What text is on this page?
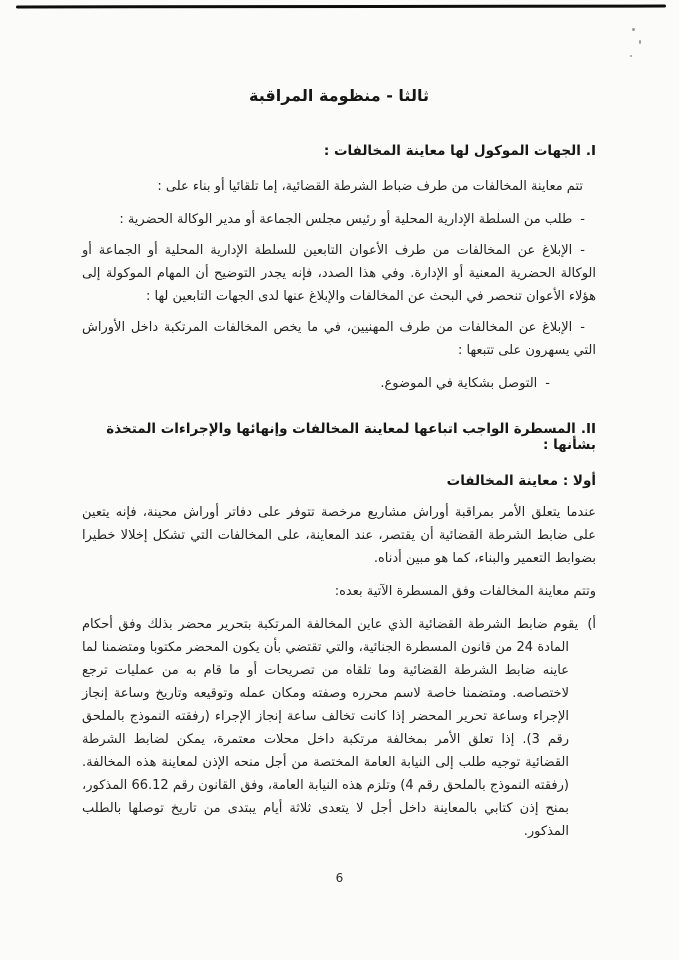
ثالثا - منظومة المراقبة
I.الجهات الموكول لها معاينة المخالفات :

تتم معاينة المخالفات من طرف ضباط الشرطة القضائية، إما تلقائيا أو بناء على :

-طلب من السلطة الإدارية المحلية أو رئيس مجلس الجماعة أو مدير الوكالة الحضرية :

-الإبلاغ عن المخالفات من طرف الأعوان التابعين للسلطة الإدارية المحلية أو الجماعة أو الوكالة الحضرية المعنية أو الإدارة. وفي هذا الصدد، فإنه يجدر التوضيح أن المهام الموكولة إلى هؤلاء الأعوان تنحصر في البحث عن المخالفات والإبلاغ عنها لدى الجهات التابعين لها :

-الإبلاغ عن المخالفات من طرف المهنيين، في ما يخص المخالفات المرتكبة داخل الأوراش التي يسهرون على تتبعها :

-التوصل بشكاية في الموضوع.

II.المسطرة الواجب اتباعها لمعاينة المخالفات وإنهائها والإجراءات المتخذة بشأنها :
أولا : معاينة المخالفات

عندما يتعلق الأمر بمراقبة أوراش مشاريع مرخصة تتوفر على دفاتر أوراش محينة، فإنه يتعين على ضابط الشرطة القضائية أن يقتصر، عند المعاينة، على المخالفات التي تشكل إخلالا خطيرا بضوابط التعمير والبناء، كما هو مبين أدناه.

وتتم معاينة المخالفات وفق المسطرة الآتية بعده:

أ)يقوم ضابط الشرطة القضائية الذي عاين المخالفة المرتكبة بتحرير محضر بذلك وفق أحكام المادة 24 من قانون المسطرة الجنائية، والتي تقتضي بأن يكون المحضر مكتوبا ومتضمنا لما عاينه ضابط الشرطة القضائية وما تلقاه من تصريحات أو ما قام به من عمليات ترجع لاختصاصه. ومتضمنا خاصة لاسم محرره وصفته ومكان عمله وتوقيعه وتاريخ وساعة إنجاز الإجراء وساعة تحرير المحضر إذا كانت تخالف ساعة إنجاز الإجراء (رفقته النموذج بالملحق رقم 3). إذا تعلق الأمر بمخالفة مرتكبة داخل محلات معتمرة، يمكن لضابط الشرطة القضائية توجيه طلب إلى النيابة العامة المختصة من أجل منحه الإذن لمعاينة هذه المخالفة. (رفقته النموذج بالملحق رقم 4) وتلزم هذه النيابة العامة، وفق القانون رقم 66.12 المذكور، بمنح إذن كتابي بالمعاينة داخل أجل لا يتعدى ثلاثة أيام يبتدى من تاريخ توصلها بالطلب المذكور.

6
